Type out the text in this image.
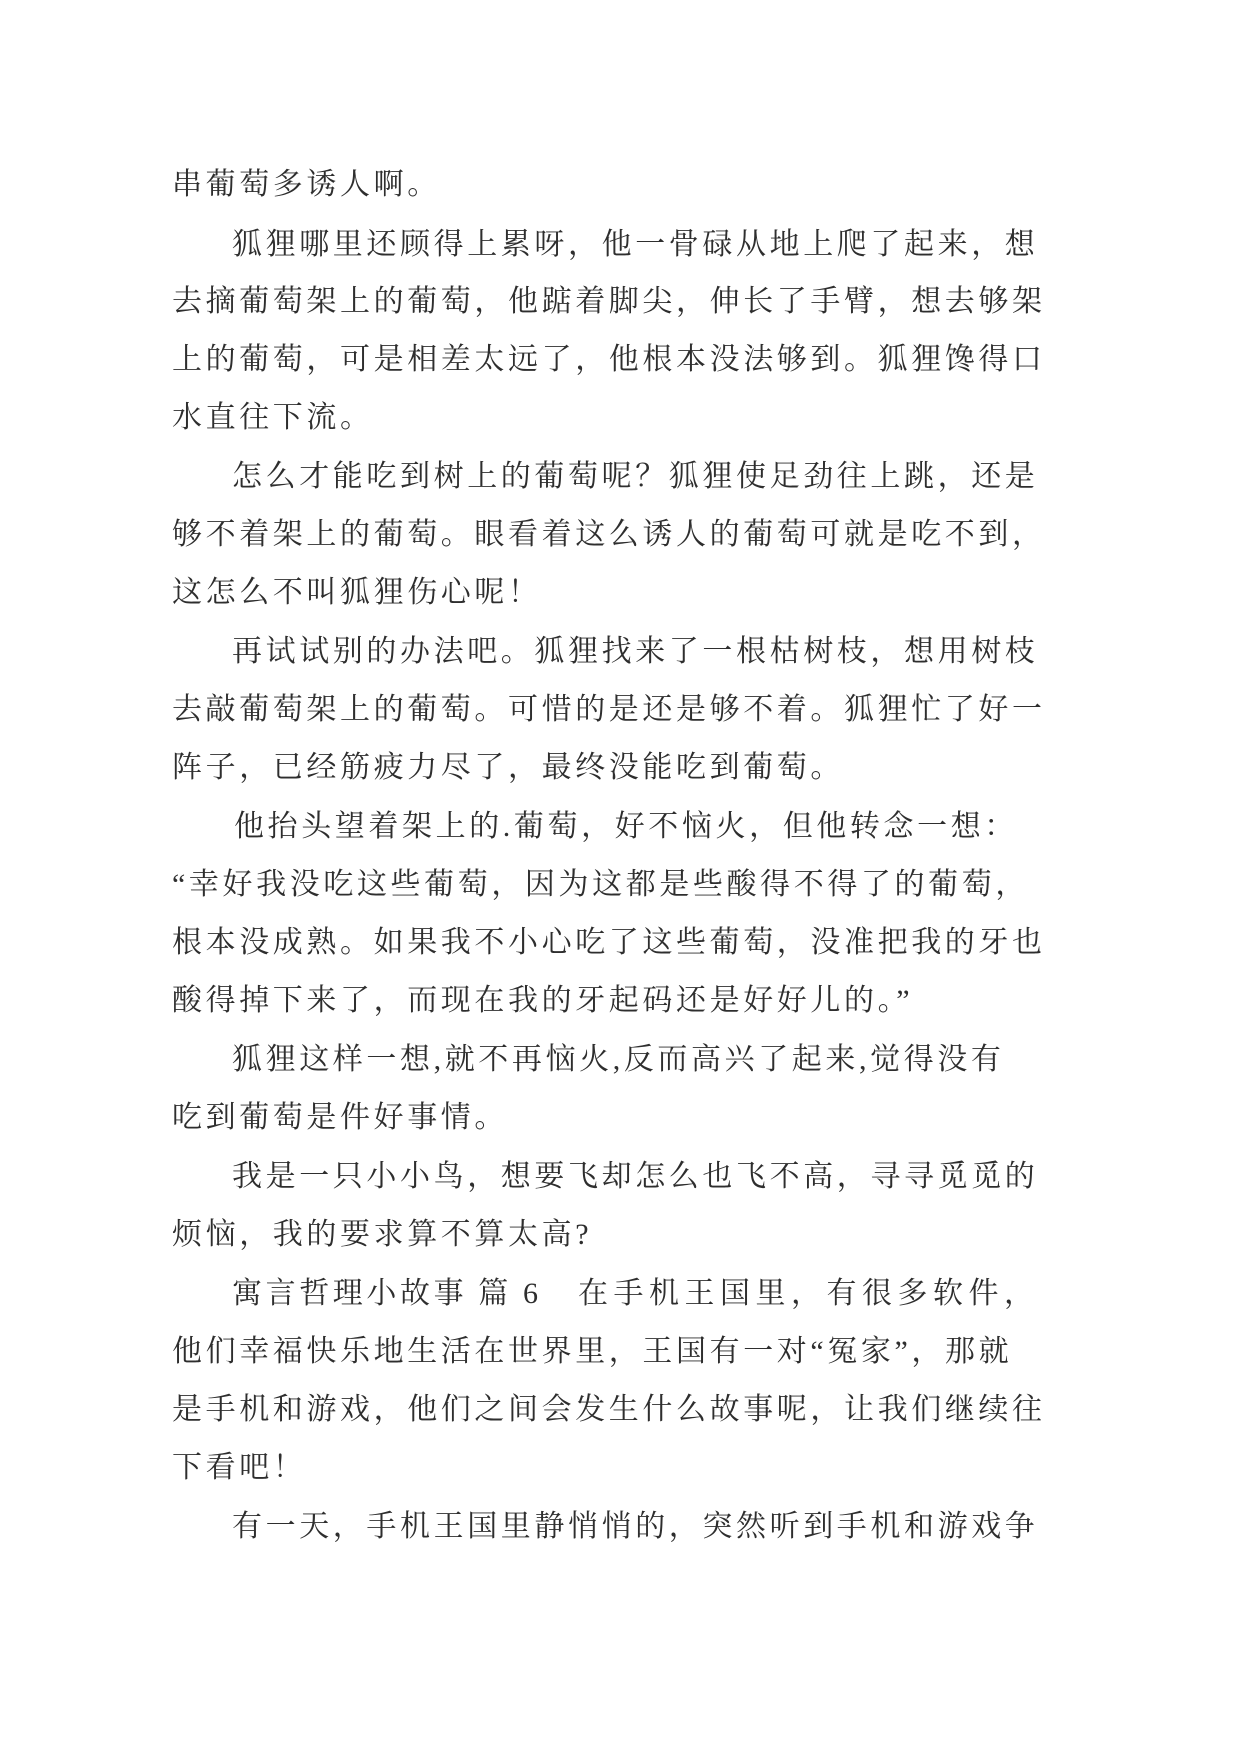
串葡萄多诱人啊。
狐狸哪里还顾得上累呀，他一骨碌从地上爬了起来，想
去摘葡萄架上的葡萄，他踮着脚尖，伸长了手臂，想去够架
上的葡萄，可是相差太远了，他根本没法够到。狐狸馋得口
水直往下流。
怎么才能吃到树上的葡萄呢？狐狸使足劲往上跳，还是
够不着架上的葡萄。眼看着这么诱人的葡萄可就是吃不到，
这怎么不叫狐狸伤心呢！
再试试别的办法吧。狐狸找来了一根枯树枝，想用树枝
去敲葡萄架上的葡萄。可惜的是还是够不着。狐狸忙了好一
阵子，已经筋疲力尽了，最终没能吃到葡萄。
他抬头望着架上的.葡萄，好不恼火，但他转念一想：
“幸好我没吃这些葡萄，因为这都是些酸得不得了的葡萄，
根本没成熟。如果我不小心吃了这些葡萄，没准把我的牙也
酸得掉下来了，而现在我的牙起码还是好好儿的。”
狐狸这样一想,就不再恼火,反而高兴了起来,觉得没有
吃到葡萄是件好事情。
我是一只小小鸟，想要飞却怎么也飞不高，寻寻觅觅的
烦恼，我的要求算不算太高?
寓言哲理小故事 篇 6 在手机王国里，有很多软件，
他们幸福快乐地生活在世界里，王国有一对“冤家”，那就
是手机和游戏，他们之间会发生什么故事呢，让我们继续往
下看吧！
有一天，手机王国里静悄悄的，突然听到手机和游戏争
